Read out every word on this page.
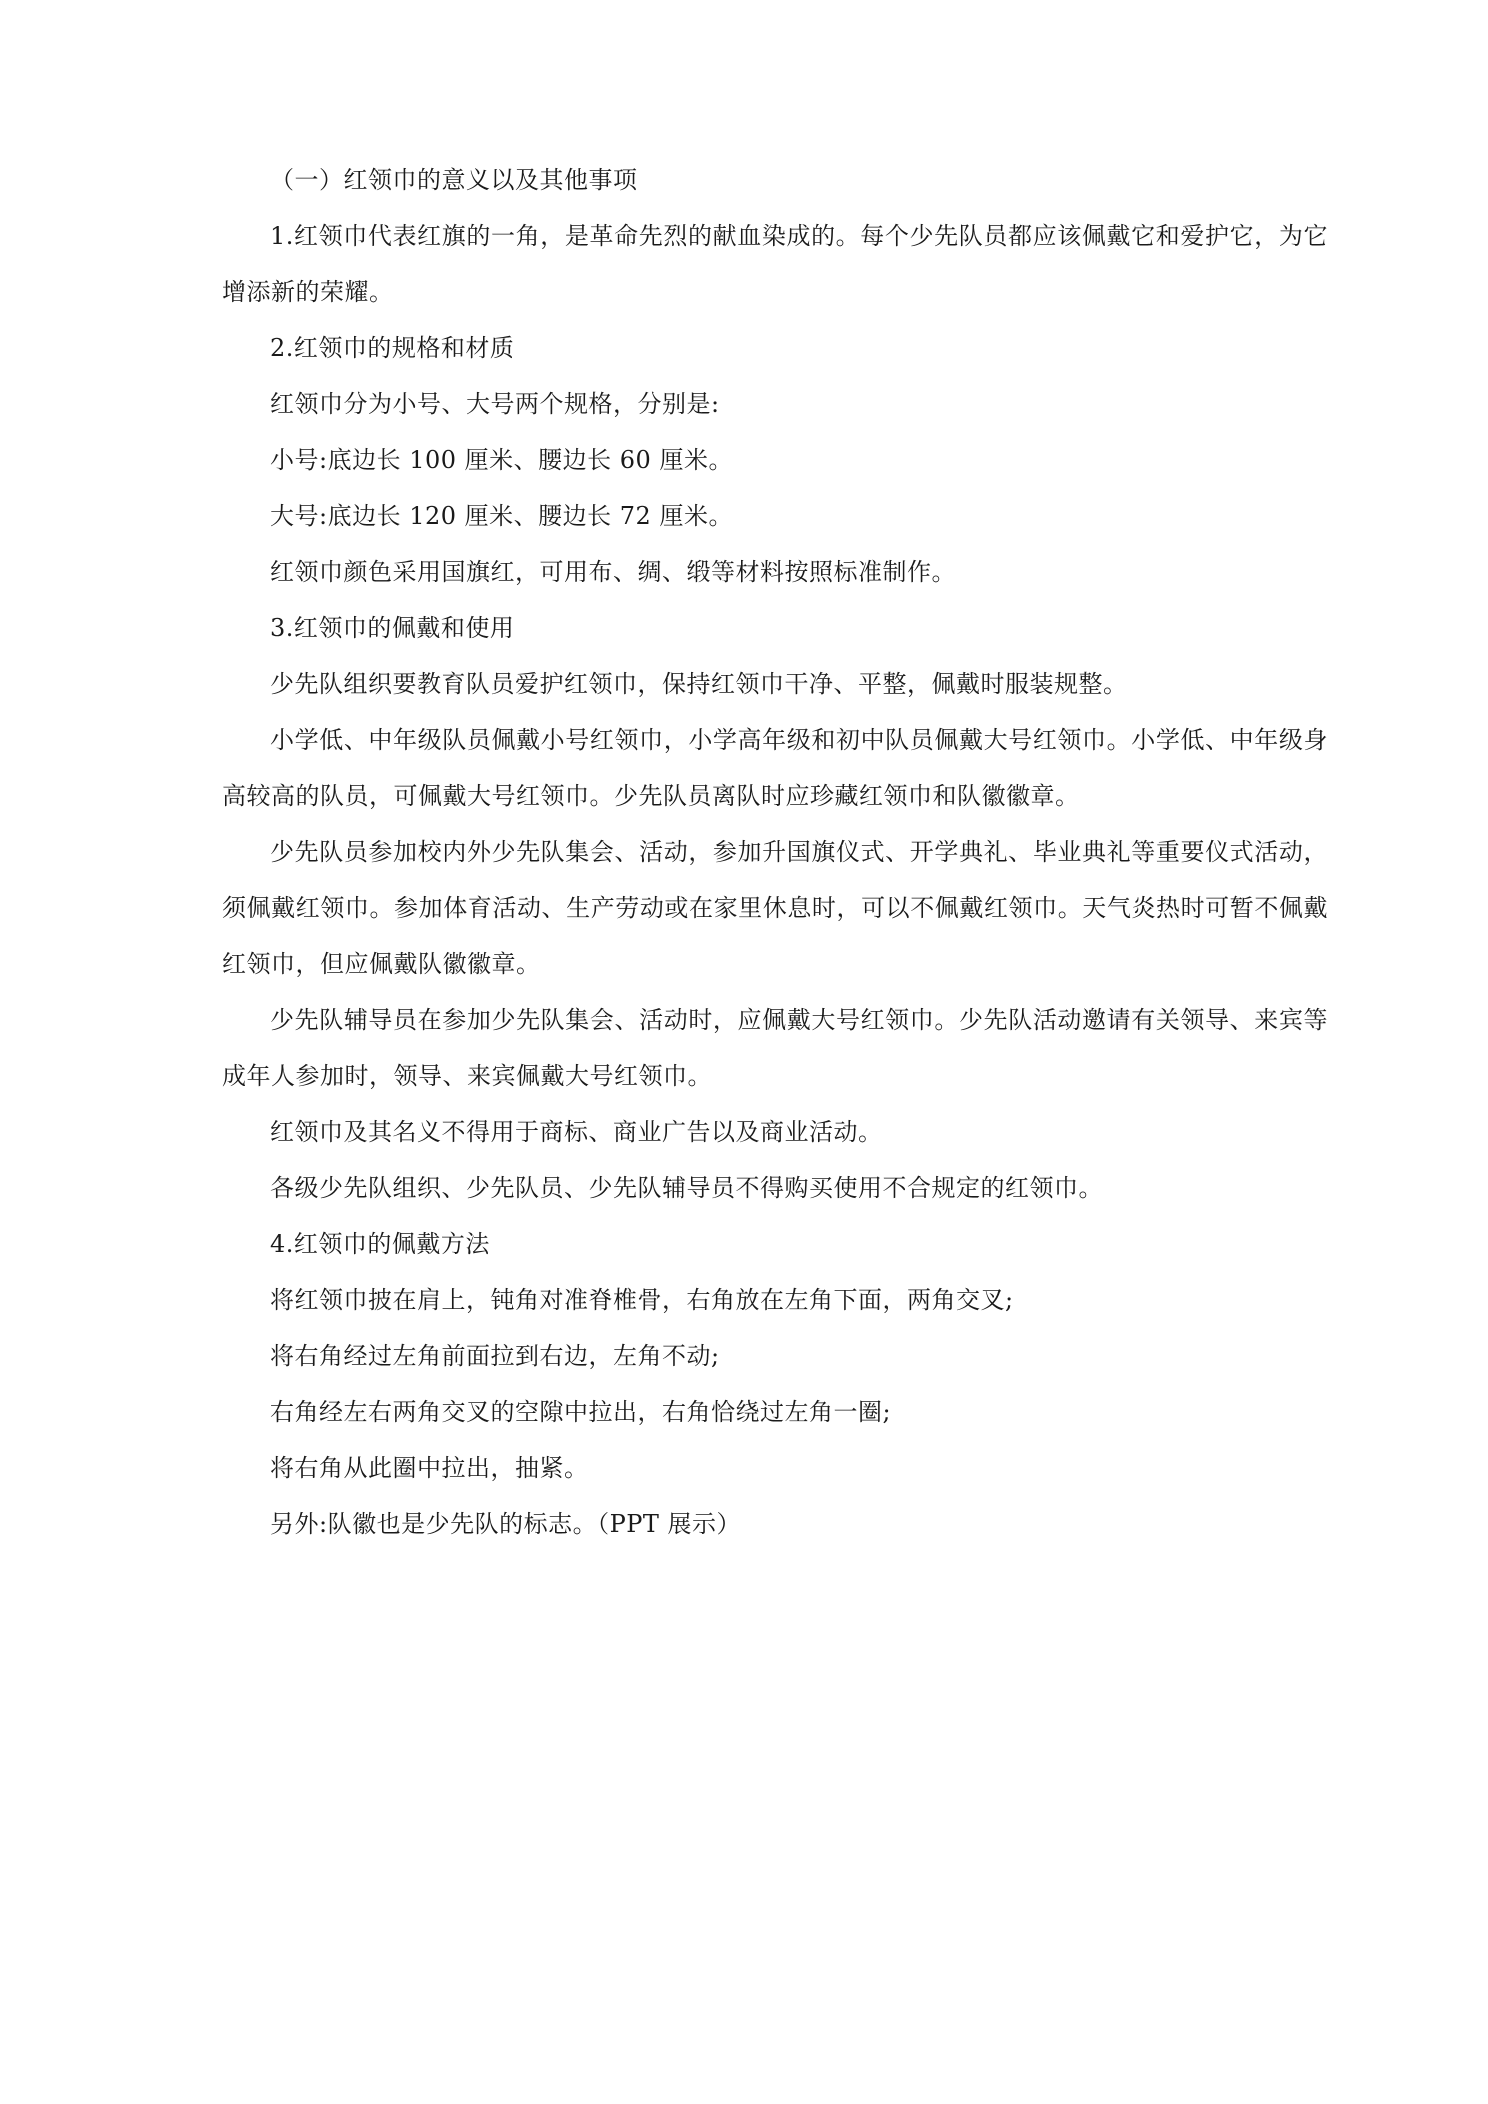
（一）红领巾的意义以及其他事项

1.红领巾代表红旗的一角，是革命先烈的献血染成的。每个少先队员都应该佩戴它和爱护它，为它增添新的荣耀。

2.红领巾的规格和材质

红领巾分为小号、大号两个规格，分别是:

小号:底边长 100 厘米、腰边长 60 厘米。

大号:底边长 120 厘米、腰边长 72 厘米。

红领巾颜色采用国旗红，可用布、绸、缎等材料按照标准制作。

3.红领巾的佩戴和使用

少先队组织要教育队员爱护红领巾，保持红领巾干净、平整，佩戴时服装规整。

小学低、中年级队员佩戴小号红领巾，小学高年级和初中队员佩戴大号红领巾。小学低、中年级身高较高的队员，可佩戴大号红领巾。少先队员离队时应珍藏红领巾和队徽徽章。

少先队员参加校内外少先队集会、活动，参加升国旗仪式、开学典礼、毕业典礼等重要仪式活动，须佩戴红领巾。参加体育活动、生产劳动或在家里休息时，可以不佩戴红领巾。天气炎热时可暂不佩戴红领巾，但应佩戴队徽徽章。

少先队辅导员在参加少先队集会、活动时，应佩戴大号红领巾。少先队活动邀请有关领导、来宾等成年人参加时，领导、来宾佩戴大号红领巾。

红领巾及其名义不得用于商标、商业广告以及商业活动。

各级少先队组织、少先队员、少先队辅导员不得购买使用不合规定的红领巾。

4.红领巾的佩戴方法

将红领巾披在肩上，钝角对准脊椎骨，右角放在左角下面，两角交叉;

将右角经过左角前面拉到右边，左角不动;

右角经左右两角交叉的空隙中拉出，右角恰绕过左角一圈;

将右角从此圈中拉出，抽紧。

另外:队徽也是少先队的标志。（PPT 展示）
